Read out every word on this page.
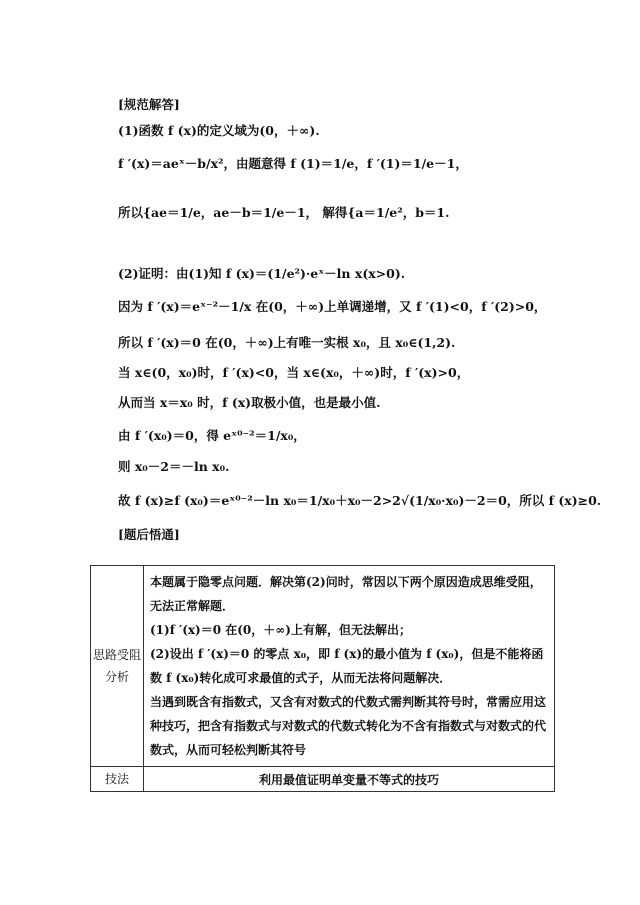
[规范解答]
(1)函数 f (x)的定义域为(0，＋∞).
f ′(x)＝aeˣ－b/x²，由题意得 f (1)＝1/e，f ′(1)＝1/e－1，
所以{ae＝1/e，ae－b＝1/e－1， 解得{a＝1/e²，b＝1.
(2)证明：由(1)知 f (x)＝(1/e²)·eˣ－ln x(x>0).
因为 f ′(x)＝eˣ⁻²－1/x 在(0，＋∞)上单调递增，又 f ′(1)<0，f ′(2)>0，
所以 f ′(x)＝0 在(0，＋∞)上有唯一实根 x₀，且 x₀∈(1,2).
当 x∈(0，x₀)时，f ′(x)<0，当 x∈(x₀，＋∞)时，f ′(x)>0，
从而当 x＝x₀ 时，f (x)取极小值，也是最小值.
由 f ′(x₀)＝0，得 eˣ⁰⁻²＝1/x₀，
则 x₀－2＝－ln x₀.
故 f (x)≥f (x₀)＝eˣ⁰⁻²－ln x₀＝1/x₀＋x₀－2>2√(1/x₀·x₀)－2＝0，所以 f (x)≥0.
[题后悟通]
思路受阻分析	本题属于隐零点问题．解决第(2)问时，常因以下两个原因造成思维受阻，无法正常解题．

(1)f ′(x)＝0 在(0，＋∞)上有解，但无法解出；

(2)设出 f ′(x)＝0 的零点 x₀，即 f (x)的最小值为 f (x₀)，但是不能将函数 f (x₀)转化成可求最值的式子，从而无法将问题解决．

当遇到既含有指数式，又含有对数式的代数式需判断其符号时，常需应用这种技巧，把含有指数式与对数式的代数式转化为不含有指数式与对数式的代数式，从而可轻松判断其符号

技法	利用最值证明单变量不等式的技巧
